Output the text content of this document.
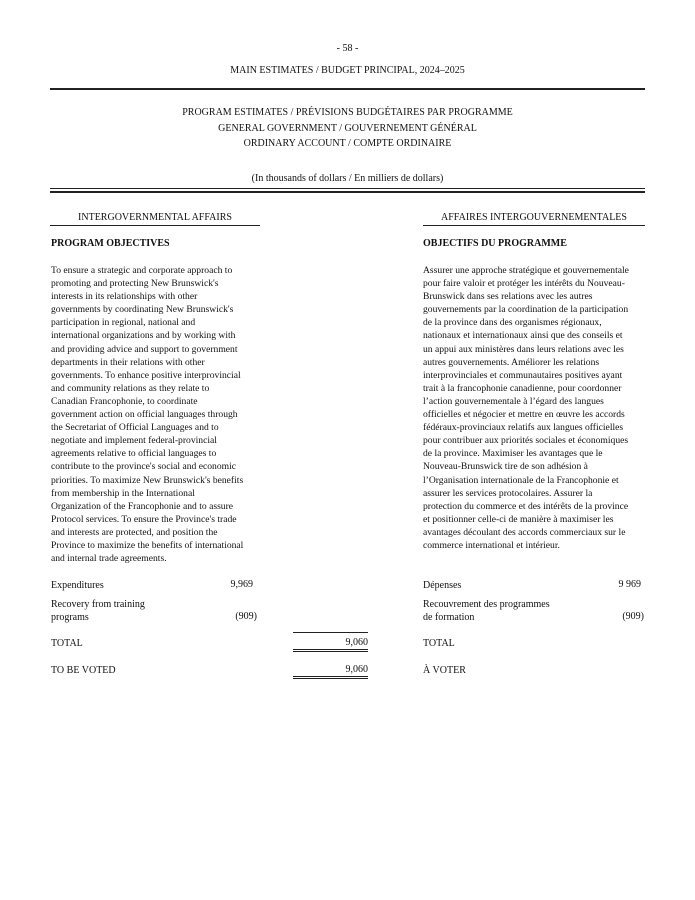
- 58 -
MAIN ESTIMATES / BUDGET PRINCIPAL, 2024–2025
PROGRAM ESTIMATES / PRÉVISIONS BUDGÉTAIRES PAR PROGRAMME
GENERAL GOVERNMENT / GOUVERNEMENT GÉNÉRAL
ORDINARY ACCOUNT / COMPTE ORDINAIRE
(In thousands of dollars / En milliers de dollars)
INTERGOVERNMENTAL AFFAIRS
PROGRAM OBJECTIVES
To ensure a strategic and corporate approach to
promoting and protecting New Brunswick's
interests in its relationships with other
governments by coordinating New Brunswick's
participation in regional, national and
international organizations and by working with
and providing advice and support to government
departments in their relations with other
governments. To enhance positive interprovincial
and community relations as they relate to
Canadian Francophonie, to coordinate
government action on official languages through
the Secretariat of Official Languages and to
negotiate and implement federal-provincial
agreements relative to official languages to
contribute to the province's social and economic
priorities. To maximize New Brunswick's benefits
from membership in the International
Organization of the Francophonie and to assure
Protocol services. To ensure the Province's trade
and interests are protected, and position the
Province to maximize the benefits of international
and internal trade agreements.
Expenditures	9,969
Recovery from training
programs	(909)
TOTAL	9,060
TO BE VOTED	9,060
AFFAIRES INTERGOUVERNEMENTALES
OBJECTIFS DU PROGRAMME
Assurer une approche stratégique et gouvernementale
pour faire valoir et protéger les intérêts du Nouveau-
Brunswick dans ses relations avec les autres
gouvernements par la coordination de la participation
de la province dans des organismes régionaux,
nationaux et internationaux ainsi que des conseils et
un appui aux ministères dans leurs relations avec les
autres gouvernements. Améliorer les relations
interprovinciales et communautaires positives ayant
trait à la francophonie canadienne, pour coordonner
l’action gouvernementale à l’égard des langues
officielles et négocier et mettre en œuvre les accords
fédéraux-provinciaux relatifs aux langues officielles
pour contribuer aux priorités sociales et économiques
de la province. Maximiser les avantages que le
Nouveau-Brunswick tire de son adhésion à
l’Organisation internationale de la Francophonie et
assurer les services protocolaires. Assurer la
protection du commerce et des intérêts de la province
et positionner celle-ci de manière à maximiser les
avantages découlant des accords commerciaux sur le
commerce international et intérieur.
Dépenses	9 969
Recouvrement des programmes
de formation	(909)
TOTAL
À VOTER
